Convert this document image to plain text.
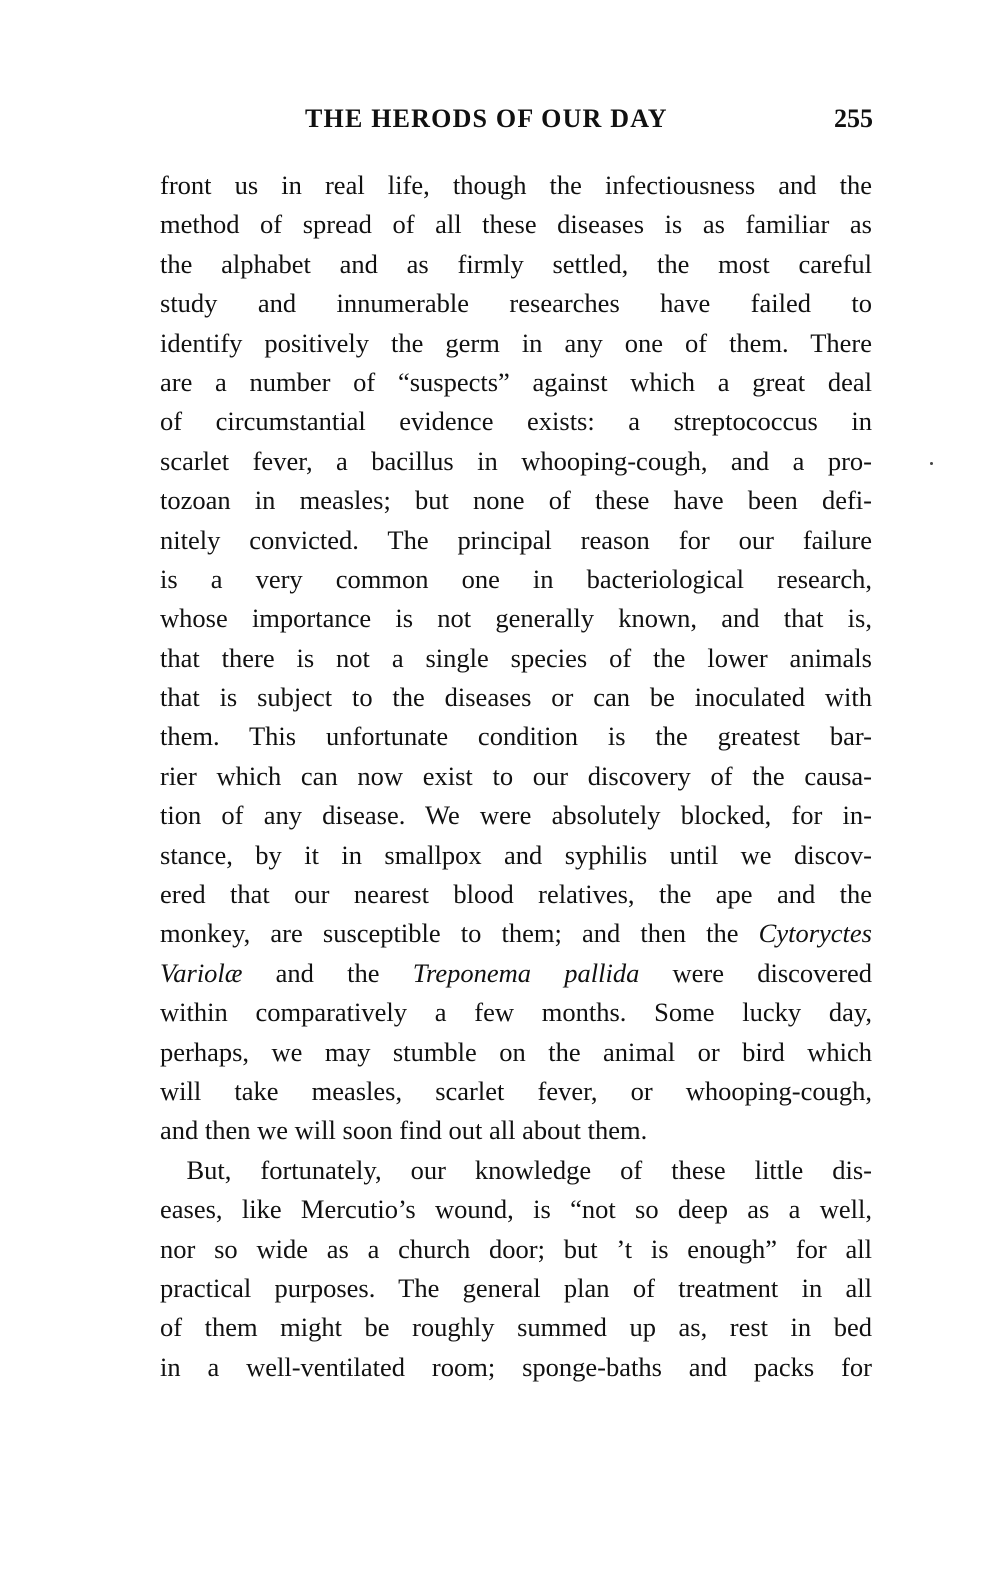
THE HERODS OF OUR DAY	255
front us in real life, though the infectiousness and the
method of spread of all these diseases is as familiar as
the alphabet and as firmly settled, the most careful
study and innumerable researches have failed to
identify positively the germ in any one of them. There
are a number of “suspects” against which a great deal
of circumstantial evidence exists: a streptococcus in
scarlet fever, a bacillus in whooping-cough, and a pro-
tozoan in measles; but none of these have been defi-
nitely convicted. The principal reason for our failure
is a very common one in bacteriological research,
whose importance is not generally known, and that is,
that there is not a single species of the lower animals
that is subject to the diseases or can be inoculated with
them. This unfortunate condition is the greatest bar-
rier which can now exist to our discovery of the causa-
tion of any disease. We were absolutely blocked, for in-
stance, by it in smallpox and syphilis until we discov-
ered that our nearest blood relatives, the ape and the
monkey, are susceptible to them; and then the Cytoryctes
Variolæ and the Treponema pallida were discovered
within comparatively a few months. Some lucky day,
perhaps, we may stumble on the animal or bird which
will take measles, scarlet fever, or whooping-cough,
and then we will soon find out all about them.
 But, fortunately, our knowledge of these little dis-
eases, like Mercutio’s wound, is “not so deep as a well,
nor so wide as a church door; but ’t is enough” for all
practical purposes. The general plan of treatment in all
of them might be roughly summed up as, rest in bed
in a well-ventilated room; sponge-baths and packs for
